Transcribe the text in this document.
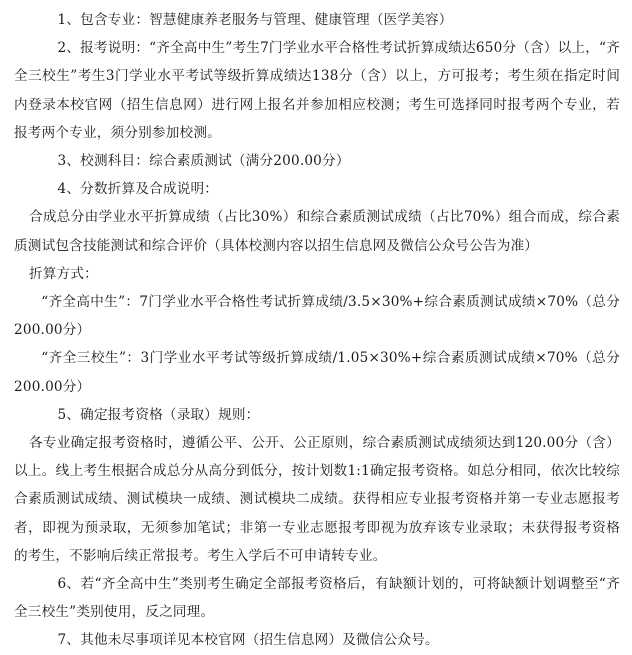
1、包含专业：智慧健康养老服务与管理、健康管理（医学美容）

2、报考说明：“齐全高中生”考生7门学业水平合格性考试折算成绩达650分（含）以上，“齐全三校生”考生3门学业水平考试等级折算成绩达138分（含）以上，方可报考；考生须在指定时间内登录本校官网（招生信息网）进行网上报名并参加相应校测；考生可选择同时报考两个专业，若报考两个专业，须分别参加校测。

3、校测科目：综合素质测试（满分200.00分）

4、分数折算及合成说明：

合成总分由学业水平折算成绩（占比30%）和综合素质测试成绩（占比70%）组合而成，综合素质测试包含技能测试和综合评价（具体校测内容以招生信息网及微信公众号公告为准）

折算方式：

“齐全高中生”：7门学业水平合格性考试折算成绩/3.5×30%+综合素质测试成绩×70%（总分200.00分）

“齐全三校生”：3门学业水平考试等级折算成绩/1.05×30%+综合素质测试成绩×70%（总分200.00分）

5、确定报考资格（录取）规则：

各专业确定报考资格时，遵循公平、公开、公正原则，综合素质测试成绩须达到120.00分（含）以上。线上考生根据合成总分从高分到低分，按计划数1:1确定报考资格。如总分相同，依次比较综合素质测试成绩、测试模块一成绩、测试模块二成绩。获得相应专业报考资格并第一专业志愿报考者，即视为预录取，无须参加笔试；非第一专业志愿报考即视为放弃该专业录取；未获得报考资格的考生，不影响后续正常报考。考生入学后不可申请转专业。

6、若“齐全高中生”类别考生确定全部报考资格后，有缺额计划的，可将缺额计划调整至“齐全三校生”类别使用，反之同理。

7、其他未尽事项详见本校官网（招生信息网）及微信公众号。
